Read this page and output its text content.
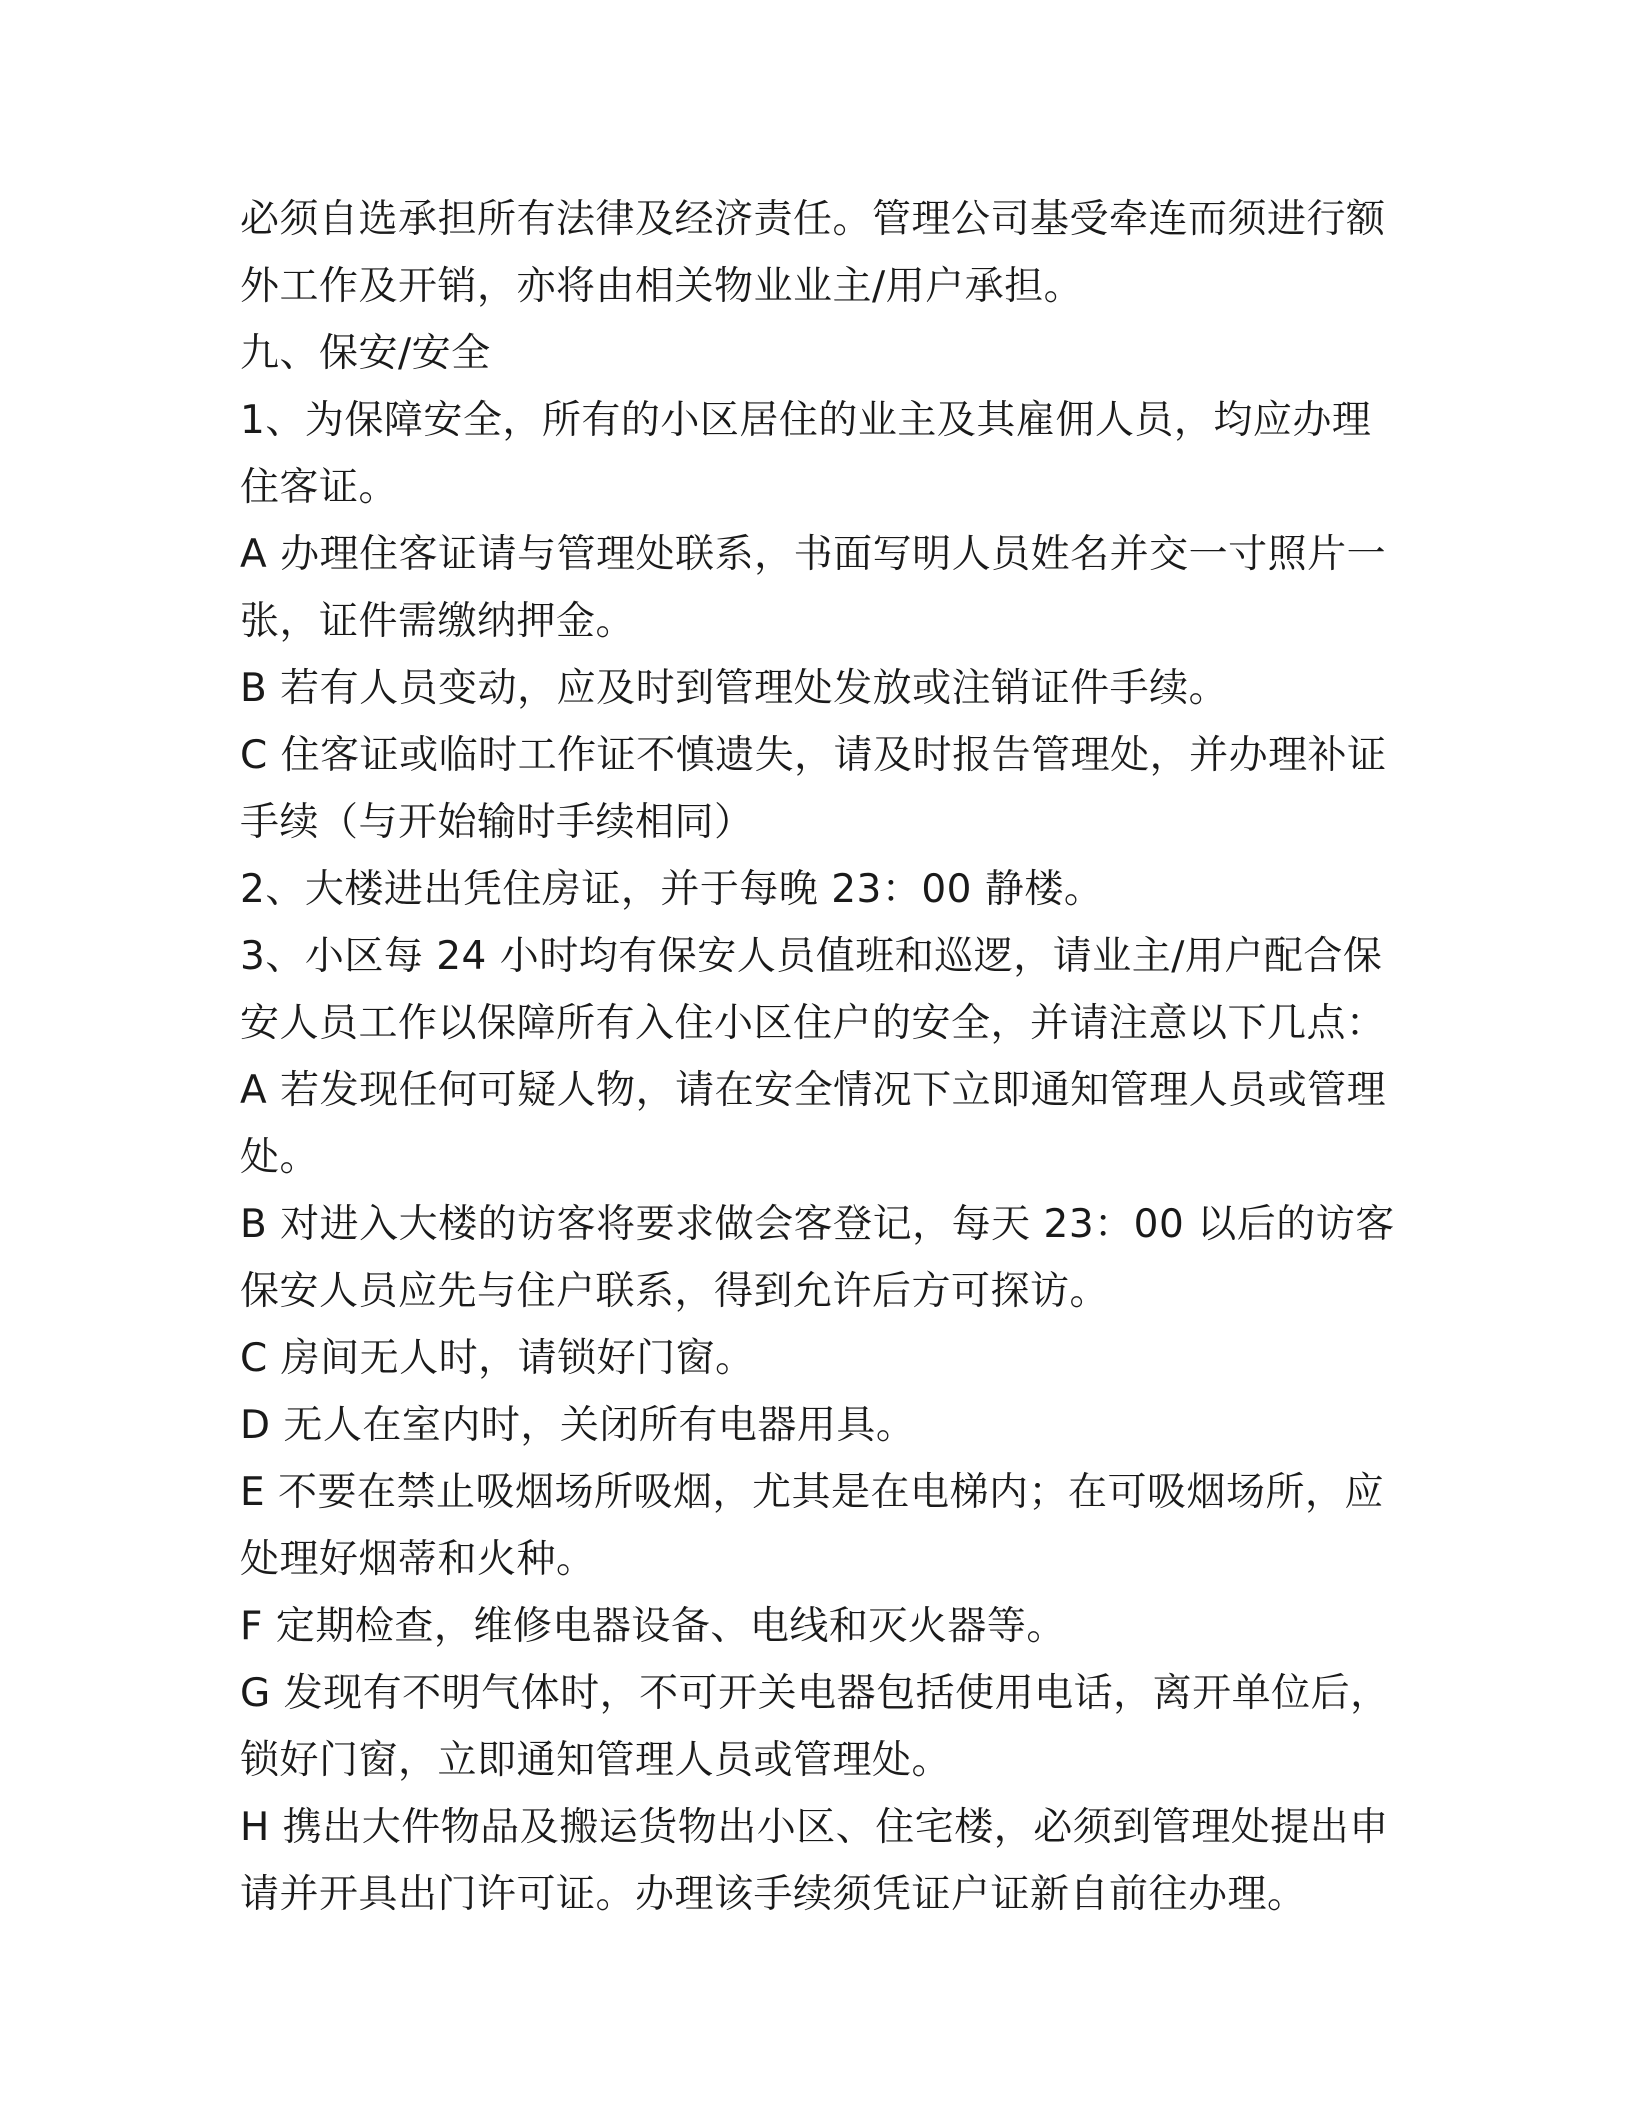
必须自选承担所有法律及经济责任。管理公司基受牵连而须进行额外工作及开销，亦将由相关物业业主/用户承担。

九、保安/安全

1、为保障安全，所有的小区居住的业主及其雇佣人员，均应办理住客证。

A 办理住客证请与管理处联系，书面写明人员姓名并交一寸照片一张，证件需缴纳押金。

B 若有人员变动，应及时到管理处发放或注销证件手续。

C 住客证或临时工作证不慎遗失，请及时报告管理处，并办理补证手续（与开始输时手续相同）

2、大楼进出凭住房证，并于每晚 23：00 静楼。

3、小区每 24 小时均有保安人员值班和巡逻，请业主/用户配合保安人员工作以保障所有入住小区住户的安全，并请注意以下几点：

A 若发现任何可疑人物，请在安全情况下立即通知管理人员或管理处。

B 对进入大楼的访客将要求做会客登记，每天 23：00 以后的访客保安人员应先与住户联系，得到允许后方可探访。

C 房间无人时，请锁好门窗。

D 无人在室内时，关闭所有电器用具。

E 不要在禁止吸烟场所吸烟，尤其是在电梯内；在可吸烟场所，应处理好烟蒂和火种。

F 定期检查，维修电器设备、电线和灭火器等。

G 发现有不明气体时，不可开关电器包括使用电话，离开单位后，锁好门窗，立即通知管理人员或管理处。

H 携出大件物品及搬运货物出小区、住宅楼，必须到管理处提出申请并开具出门许可证。办理该手续须凭证户证新自前往办理。
